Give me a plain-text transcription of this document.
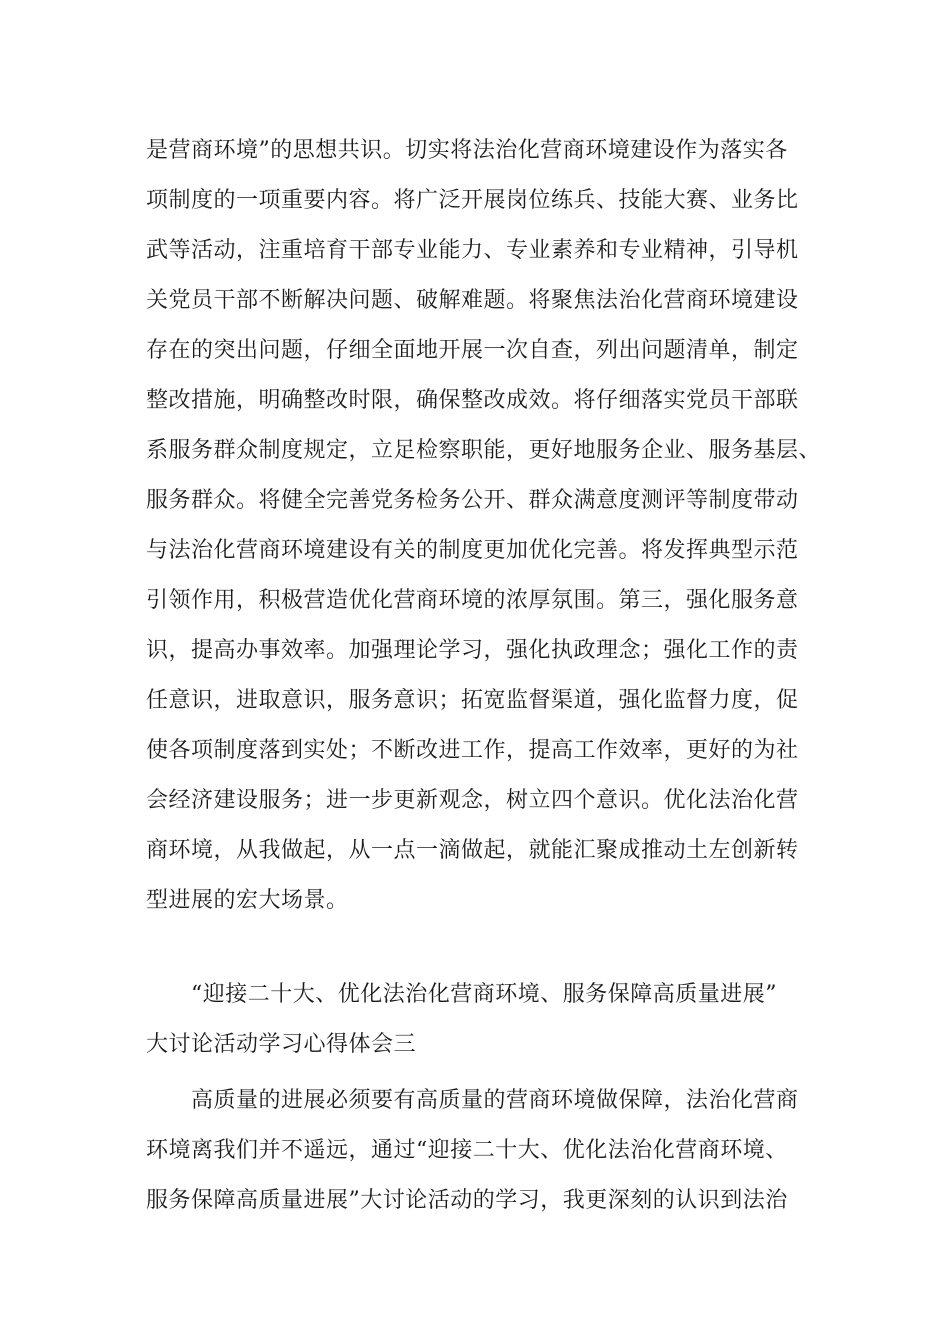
是营商环境”的思想共识。切实将法治化营商环境建设作为落实各
项制度的一项重要内容。将广泛开展岗位练兵、技能大赛、业务比
武等活动，注重培育干部专业能力、专业素养和专业精神，引导机
关党员干部不断解决问题、破解难题。将聚焦法治化营商环境建设
存在的突出问题，仔细全面地开展一次自查，列出问题清单，制定
整改措施，明确整改时限，确保整改成效。将仔细落实党员干部联
系服务群众制度规定，立足检察职能，更好地服务企业、服务基层、
服务群众。将健全完善党务检务公开、群众满意度测评等制度带动
与法治化营商环境建设有关的制度更加优化完善。将发挥典型示范
引领作用，积极营造优化营商环境的浓厚氛围。第三，强化服务意
识，提高办事效率。加强理论学习，强化执政理念；强化工作的责
任意识，进取意识，服务意识；拓宽监督渠道，强化监督力度，促
使各项制度落到实处；不断改进工作，提高工作效率，更好的为社
会经济建设服务；进一步更新观念，树立四个意识。优化法治化营
商环境，从我做起，从一点一滴做起，就能汇聚成推动土左创新转
型进展的宏大场景。
　　“迎接二十大、优化法治化营商环境、服务保障高质量进展”
大讨论活动学习心得体会三
　　高质量的进展必须要有高质量的营商环境做保障，法治化营商
环境离我们并不遥远，通过“迎接二十大、优化法治化营商环境、
服务保障高质量进展”大讨论活动的学习，我更深刻的认识到法治
